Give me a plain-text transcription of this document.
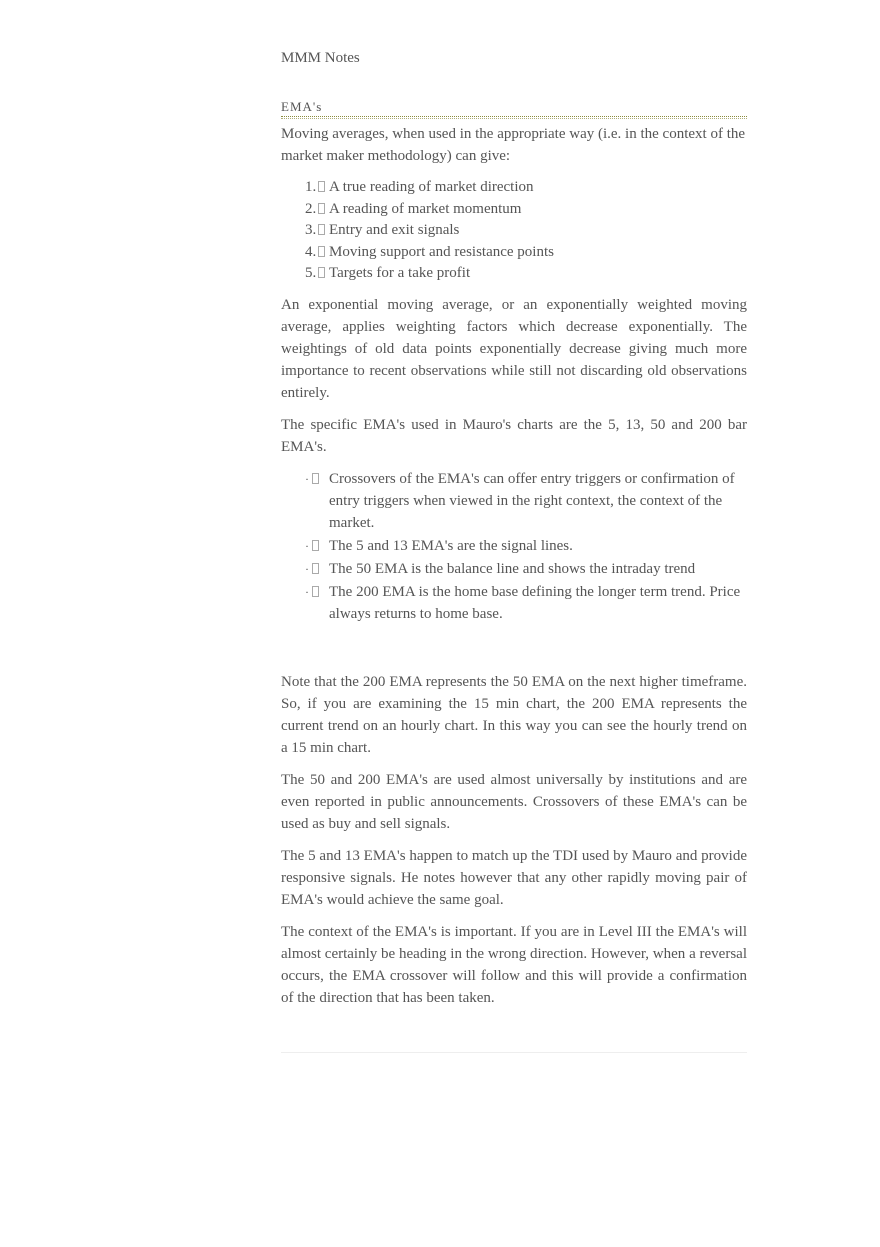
MMM Notes
EMA's

Moving averages, when used in the appropriate way (i.e. in the context of the market maker methodology) can give:

1. A true reading of market direction
2. A reading of market momentum
3. Entry and exit signals
4. Moving support and resistance points
5. Targets for a take profit

An exponential moving average, or an exponentially weighted moving average, applies weighting factors which decrease exponentially. The weightings of old data points exponentially decrease giving much more importance to recent observations while still not discarding old observations entirely.

The specific EMA's used in Mauro's charts are the 5, 13, 50 and 200 bar EMA's.

· Crossovers of the EMA's can offer entry triggers or confirmation of entry triggers when viewed in the right context, the context of the market.
· The 5 and 13 EMA's are the signal lines.
· The 50 EMA is the balance line and shows the intraday trend
· The 200 EMA is the home base defining the longer term trend. Price always returns to home base.

Note that the 200 EMA represents the 50 EMA on the next higher timeframe. So, if you are examining the 15 min chart, the 200 EMA represents the current trend on an hourly chart. In this way you can see the hourly trend on a 15 min chart.

The 50 and 200 EMA's are used almost universally by institutions and are even reported in public announcements. Crossovers of these EMA's can be used as buy and sell signals.

The 5 and 13 EMA's happen to match up the TDI used by Mauro and provide responsive signals. He notes however that any other rapidly moving pair of EMA's would achieve the same goal.

The context of the EMA's is important. If you are in Level III the EMA's will almost certainly be heading in the wrong direction. However, when a reversal occurs, the EMA crossover will follow and this will provide a confirmation of the direction that has been taken.
